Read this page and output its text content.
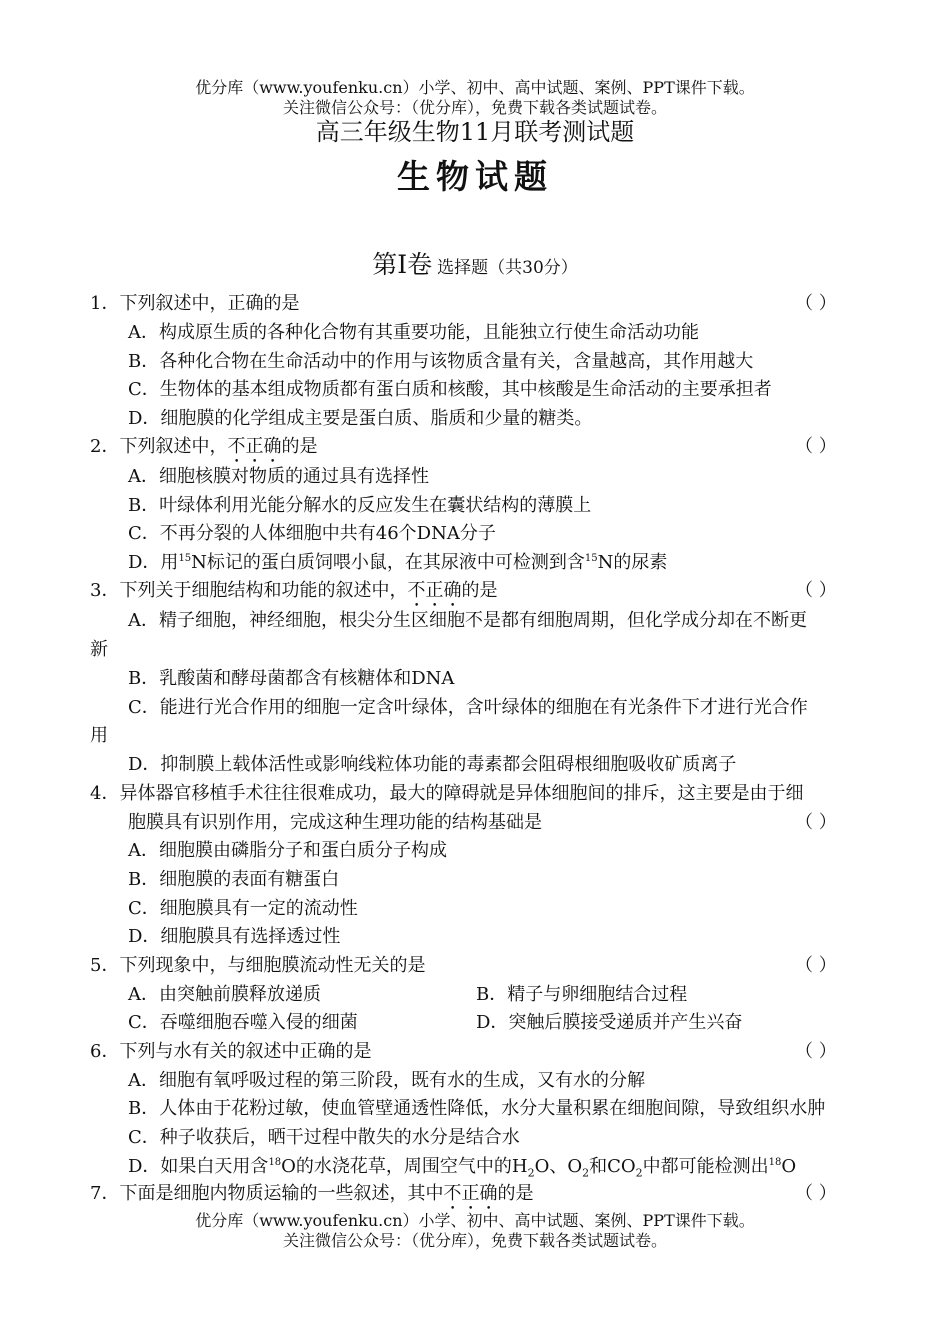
优分库（www.youfenku.cn）小学、初中、高中试题、案例、PPT课件下载。
关注微信公众号：（优分库），免费下载各类试题试卷。
高三年级生物11月联考测试题
生物试题
第Ⅰ卷 选择题（共30分）
1．下列叙述中，正确的是	（ ）
A．构成原生质的各种化合物有其重要功能，且能独立行使生命活动功能
B．各种化合物在生命活动中的作用与该物质含量有关，含量越高，其作用越大
C．生物体的基本组成物质都有蛋白质和核酸，其中核酸是生命活动的主要承担者
D．细胞膜的化学组成主要是蛋白质、脂质和少量的糖类。
2．下列叙述中，不正确的是	（ ）
A．细胞核膜对物质的通过具有选择性
B．叶绿体利用光能分解水的反应发生在囊状结构的薄膜上
C．不再分裂的人体细胞中共有46个DNA分子
D．用$^{15}$N标记的蛋白质饲喂小鼠，在其尿液中可检测到含$^{15}$N的尿素
3．下列关于细胞结构和功能的叙述中，不正确的是	（ ）
A．精子细胞，神经细胞，根尖分生区细胞不是都有细胞周期，但化学成分却在不断更
新
B．乳酸菌和酵母菌都含有核糖体和DNA
C．能进行光合作用的细胞一定含叶绿体，含叶绿体的细胞在有光条件下才进行光合作
用
D．抑制膜上载体活性或影响线粒体功能的毒素都会阻碍根细胞吸收矿质离子
4．异体器官移植手术往往很难成功，最大的障碍就是异体细胞间的排斥，这主要是由于细
胞膜具有识别作用，完成这种生理功能的结构基础是	（ ）
A．细胞膜由磷脂分子和蛋白质分子构成
B．细胞膜的表面有糖蛋白
C．细胞膜具有一定的流动性
D．细胞膜具有选择透过性
5．下列现象中，与细胞膜流动性无关的是	（ ）
A．由突触前膜释放递质	B．精子与卵细胞结合过程
C．吞噬细胞吞噬入侵的细菌	D．突触后膜接受递质并产生兴奋
6．下列与水有关的叙述中正确的是	（ ）
A．细胞有氧呼吸过程的第三阶段，既有水的生成，又有水的分解
B．人体由于花粉过敏，使血管壁通透性降低，水分大量积累在细胞间隙，导致组织水肿
C．种子收获后，晒干过程中散失的水分是结合水
D．如果白天用含$^{18}$O的水浇花草，周围空气中的$H_2O$、$O_2$和$CO_2$中都可能检测出$^{18}$O
7．下面是细胞内物质运输的一些叙述，其中不正确的是	（ ）
优分库（www.youfenku.cn）小学、初中、高中试题、案例、PPT课件下载。
关注微信公众号：（优分库），免费下载各类试题试卷。
